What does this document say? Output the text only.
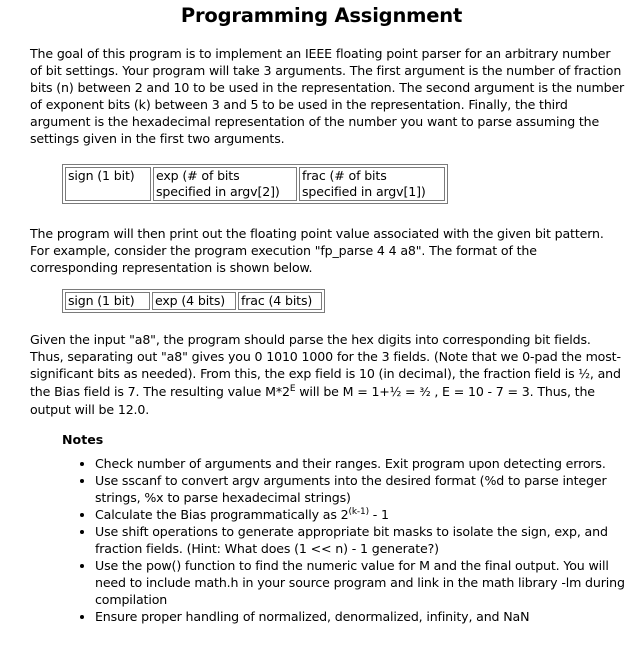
Programming Assignment
The goal of this program is to implement an IEEE floating point parser for an arbitrary number of bit settings. Your program will take 3 arguments. The first argument is the number of fraction bits (n) between 2 and 10 to be used in the representation. The second argument is the number of exponent bits (k) between 3 and 5 to be used in the representation. Finally, the third argument is the hexadecimal representation of the number you want to parse assuming the settings given in the first two arguments.
sign (1 bit)	exp (# of bits specified in argv[2])	frac (# of bits specified in argv[1])
The program will then print out the floating point value associated with the given bit pattern. For example, consider the program execution "fp_parse 4 4 a8". The format of the corresponding representation is shown below.
sign (1 bit)	exp (4 bits)	frac (4 bits)
Given the input "a8", the program should parse the hex digits into corresponding bit fields. Thus, separating out "a8" gives you 0 1010 1000 for the 3 fields. (Note that we 0-pad the most-significant bits as needed). From this, the exp field is 10 (in decimal), the fraction field is ½, and the Bias field is 7. The resulting value $M*2^E$ will be M = 1+½ = ³⁄₂ , E = 10 - 7 = 3. Thus, the output will be 12.0.
Notes
• Check number of arguments and their ranges. Exit program upon detecting errors.
• Use sscanf to convert argv arguments into the desired format (%d to parse integer strings, %x to parse hexadecimal strings)
• Calculate the Bias programmatically as 2$^{(k-1)}$ - 1
• Use shift operations to generate appropriate bit masks to isolate the sign, exp, and fraction fields. (Hint: What does (1 << n) - 1 generate?)
• Use the pow() function to find the numeric value for M and the final output. You will need to include math.h in your source program and link in the math library -lm during compilation
• Ensure proper handling of normalized, denormalized, infinity, and NaN
